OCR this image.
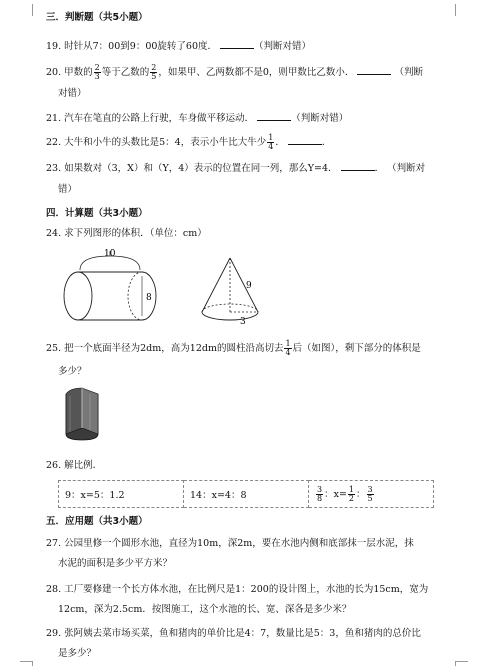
三．判断题（共5小题）
19. 时针从7：00到9：00旋转了60度．	（判断对错）
20. 甲数的 $\frac{2}{3}$ 等于乙数的 $\frac{2}{5}$ ，如果甲、乙两数都不是0，则甲数比乙数小．	（判断
对错）
21. 汽车在笔直的公路上行驶，车身做平移运动．	（判断对错）
22. 大牛和小牛的头数比是5：4，表示小牛比大牛少 $\frac{1}{4}$ ．	．
23. 如果数对（3，X）和（Y，4）表示的位置在同一列，那么Y=4．	． （判断对
错）
四．计算题（共3小题）
24. 求下列图形的体积．（单位：cm）
10
8
9
3
25. 把一个底面半径为2dm，高为12dm的圆柱沿高切去 $\frac{1}{4}$ 后（如图），剩下部分的体积是
多少？
26. 解比例．
9：x=5：1.2	14：x=4：8	$\frac{3}{8}$ ：$x= \frac{1}{2}$ ： $\frac{3}{5}$
五．应用题（共3小题）
27. 公园里修一个圆形水池，直径为10m，深2m，要在水池内侧和底部抹一层水泥，抹
水泥的面积是多少平方米？
28. 工厂要修建一个长方体水池，在比例尺是1：200的设计图上，水池的长为15cm，宽为
12cm，深为2.5cm．按图施工，这个水池的长、宽、深各是多少米？
29. 张阿姨去菜市场买菜，鱼和猪肉的单价比是4：7，数量比是5：3，鱼和猪肉的总价比
是多少？
